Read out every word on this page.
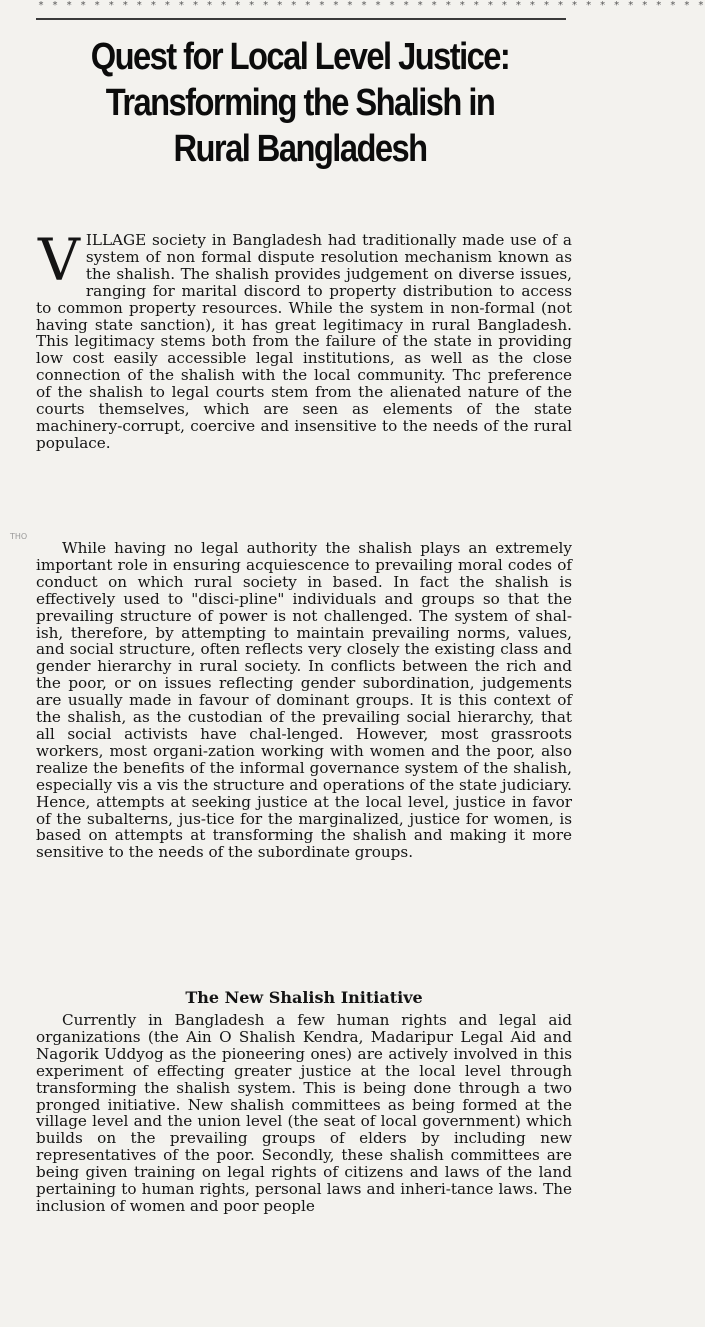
* * * * * * * * * * * * * * * * * * * * * * * * * * * * * * * * * * * * * * * * * * * * * * * *
Quest for Local Level Justice:
Transforming the Shalish in
Rural Bangladesh
THO

VILLAGE society in Bangladesh had traditionally made use of a system of non formal dispute resolution mechanism known as the shalish. The shalish provides judgement on diverse issues, ranging for marital discord to property distribution to access to common property resources. While the system in non-formal (not having state sanction), it has great legitimacy in rural Bangladesh. This legitimacy stems both from the failure of the state in providing low cost easily accessible legal institutions, as well as the close connection of the shalish with the local community. Thc preference of the shalish to legal courts stem from the alienated nature of the courts themselves, which are seen as elements of the state machinery-corrupt, coercive and insensitive to the needs of the rural populace.

While having no legal authority the shalish plays an extremely important role in ensuring acquiescence to prevailing moral codes of conduct on which rural society in based. In fact the shalish is effectively used to "disci-pline" individuals and groups so that the prevailing structure of power is not challenged. The system of shal-ish, therefore, by attempting to maintain prevailing norms, values, and social structure, often reflects very closely the existing class and gender hierarchy in rural society. In conflicts between the rich and the poor, or on issues reflecting gender subordination, judgements are usually made in favour of dominant groups. It is this context of the shalish, as the custodian of the prevailing social hierarchy, that all social activists have chal-lenged. However, most grassroots workers, most organi-zation working with women and the poor, also realize the benefits of the informal governance system of the shalish, especially vis a vis the structure and operations of the state judiciary. Hence, attempts at seeking justice at the local level, justice in favor of the subalterns, jus-tice for the marginalized, justice for women, is based on attempts at transforming the shalish and making it more sensitive to the needs of the subordinate groups.

The New Shalish Initiative

Currently in Bangladesh a few human rights and legal aid organizations (the Ain O Shalish Kendra, Madaripur Legal Aid and Nagorik Uddyog as the pioneering ones) are actively involved in this experiment of effecting greater justice at the local level through transforming the shalish system. This is being done through a two pronged initiative. New shalish committees as being formed at the village level and the union level (the seat of local government) which builds on the prevailing groups of elders by including new representatives of the poor. Secondly, these shalish committees are being given training on legal rights of citizens and laws of the land pertaining to human rights, personal laws and inheri-tance laws. The inclusion of women and poor people
